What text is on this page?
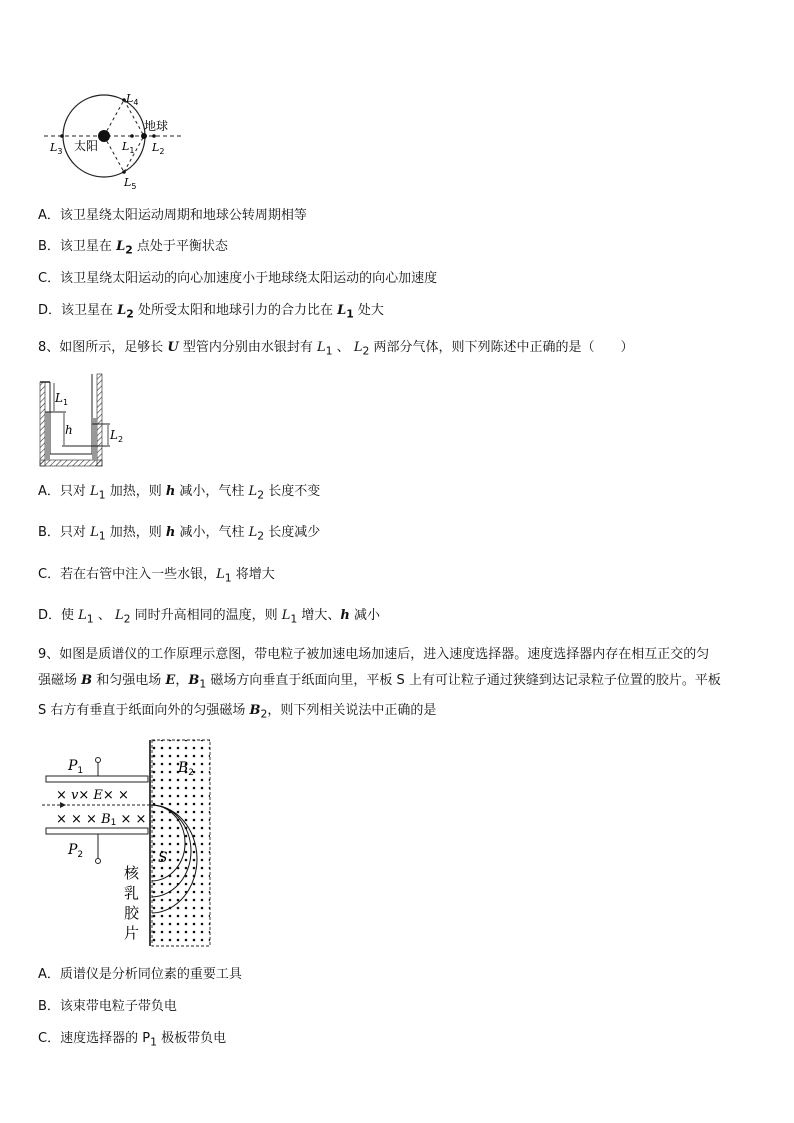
太阳
地球
$L_3$	$L_1$ $L_2$
$L_4$
$L_5$
A．该卫星绕太阳运动周期和地球公转周期相等
B．该卫星在 $L_2$ 点处于平衡状态
C．该卫星绕太阳运动的向心加速度小于地球绕太阳运动的向心加速度
D．该卫星在 $L_2$ 处所受太阳和地球引力的合力比在 $L_1$ 处大
8、如图所示，足够长 U 型管内分别由水银封有 $L_1$ 、 $L_2$ 两部分气体，则下列陈述中正确的是（　　）
$L_1$
h	$L_2$
A．只对 $L_1$ 加热，则 h 减小，气柱 $L_2$ 长度不变
B．只对 $L_1$ 加热，则 h 减小，气柱 $L_2$ 长度减少
C．若在右管中注入一些水银，$L_1$ 将增大
D．使 $L_1$ 、 $L_2$ 同时升高相同的温度，则 $L_1$ 增大、h 减小
9、如图是质谱仪的工作原理示意图，带电粒子被加速电场加速后，进入速度选择器。速度选择器内存在相互正交的匀
强磁场 B 和匀强电场 E，$B_1$ 磁场方向垂直于纸面向里，平板 S 上有可让粒子通过狭缝到达记录粒子位置的胶片。平板
S 右方有垂直于纸面向外的匀强磁场 $B_2$，则下列相关说法中正确的是
$P_1$
$P_2$
$B_2$
× v× E× ×
× × × B1 × ×
S
核
乳
胶
片
A．质谱仪是分析同位素的重要工具
B．该束带电粒子带负电
C．速度选择器的 $P_1$ 极板带负电
